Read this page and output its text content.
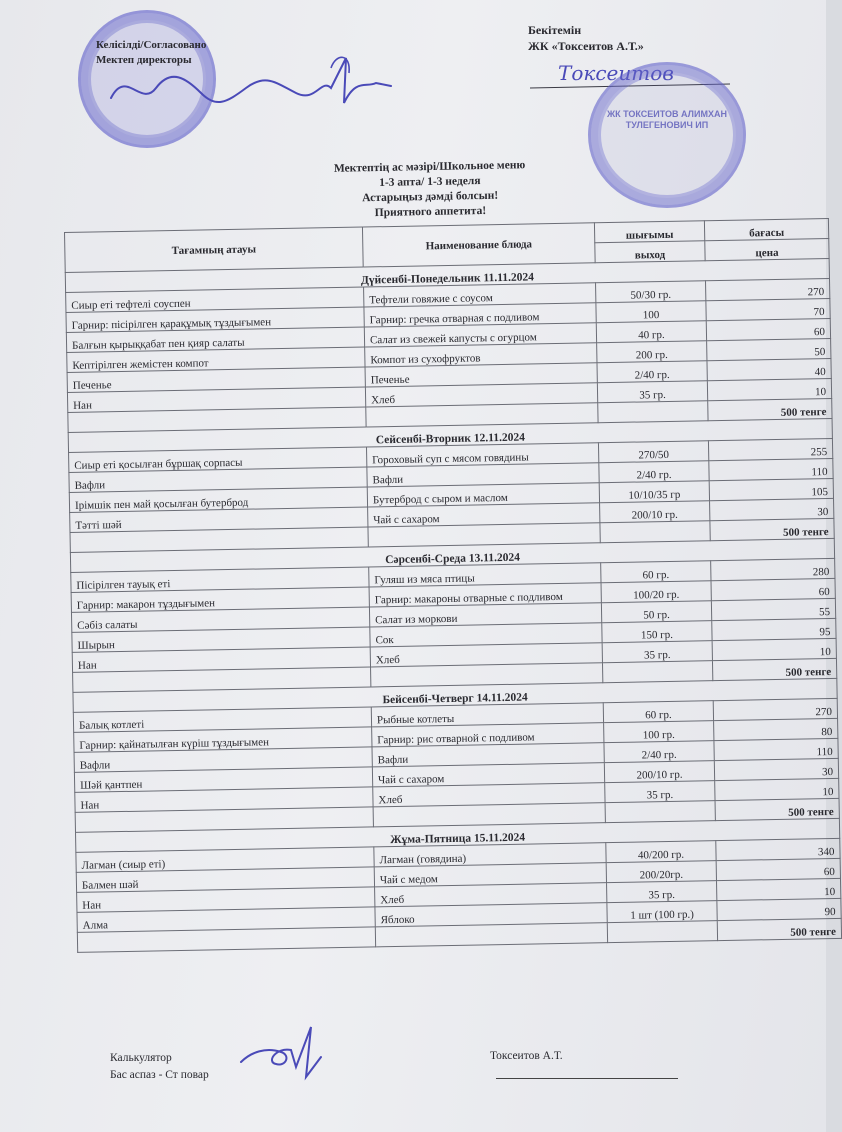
Келісілді/Согласовано
Мектеп директоры
Бекітемін
ЖК «Токсеитов А.Т.»
Токсеитов
ЖК ТОКСЕИТОВ АЛИМХАН ТУЛЕГЕНОВИЧ ИП
Мектептің ас мәзірі/Школьное меню
1-3 апта/ 1-3 неделя
Астарыңыз дәмді болсын!
Приятного аппетита!
Тағамның атауы	Наименование блюда	шығымы	бағасы
		выход	цена
Дүйсенбі-Понедельник 11.11.2024			
Сиыр еті тефтелі соуспен	Тефтели говяжие с соусом	50/30 гр.	270
Гарнир: пісірілген қарақұмық тұздығымен	Гарнир: гречка отварная с подливом	100	70
Балғын қырыққабат пен қияр салаты	Салат из свежей капусты с огурцом	40 гр.	60
Кептірілген жемістен компот	Компот из сухофруктов	200 гр.	50
Печенье	Печенье	2/40 гр.	40
Нан	Хлеб	35 гр.	10
			500 тенге
Сейсенбі-Вторник 12.11.2024			
Сиыр еті қосылған бұршақ сорпасы	Гороховый суп с мясом говядины	270/50	255
Вафли	Вафли	2/40 гр.	110
Ірімшік пен май қосылған бутерброд	Бутерброд с сыром и маслом	10/10/35 гр	105
Тәтті шәй	Чай с сахаром	200/10 гр.	30
			500 тенге
Сәрсенбі-Среда 13.11.2024			
Пісірілген тауық еті	Гуляш из мяса птицы	60 гр.	280
Гарнир: макарон тұздығымен	Гарнир: макароны отварные с подливом	100/20 гр.	60
Сәбіз салаты	Салат из моркови	50 гр.	55
Шырын	Сок	150 гр.	95
Нан	Хлеб	35 гр.	10
			500 тенге
Бейсенбі-Четверг 14.11.2024			
Балық котлеті	Рыбные котлеты	60 гр.	270
Гарнир: қайнатылған күріш тұздығымен	Гарнир: рис отварной с подливом	100 гр.	80
Вафли	Вафли	2/40 гр.	110
Шәй қантпен	Чай с сахаром	200/10 гр.	30
Нан	Хлеб	35 гр.	10
			500 тенге
Жұма-Пятница 15.11.2024			
Лагман (сиыр еті)	Лагман (говядина)	40/200 гр.	340
Балмен шәй	Чай с медом	200/20гр.	60
Нан	Хлеб	35 гр.	10
Алма	Яблоко	1 шт (100 гр.)	90
			500 тенге
Калькулятор
Бас аспаз - Ст повар
Токсеитов А.Т.
